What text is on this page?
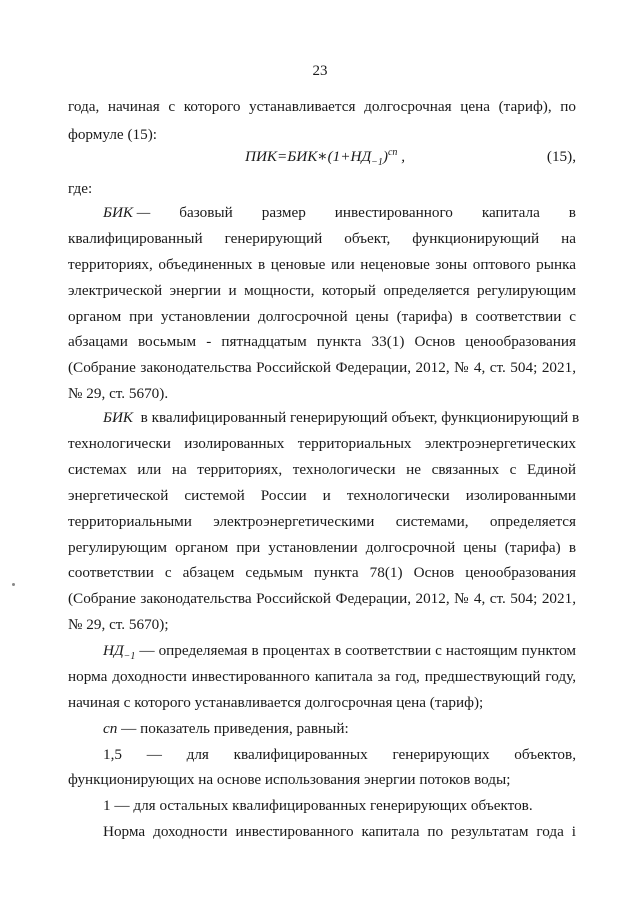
23
года, начиная с которого устанавливается долгосрочная цена (тариф), по
формуле (15):
$ПИК=БИК∗(1+НД_{-1})^{cn}$ ,	(15),
где:
БИК — базовый размер инвестированного капитала в
квалифицированный генерирующий объект, функционирующий на
территориях, объединенных в ценовые или неценовые зоны оптового рынка
электрической энергии и мощности, который определяется регулирующим
органом при установлении долгосрочной цены (тарифа) в соответствии с
абзацами восьмым - пятнадцатым пункта 33(1) Основ ценообразования
(Собрание законодательства Российской Федерации, 2012, № 4, ст. 504; 2021,
№ 29, ст. 5670).
БИК в квалифицированный генерирующий объект, функционирующий в
технологически изолированных территориальных электроэнергетических
системах или на территориях, технологически не связанных с Единой
энергетической системой России и технологически изолированными
территориальными электроэнергетическими системами, определяется
регулирующим органом при установлении долгосрочной цены (тарифа) в
соответствии с абзацем седьмым пункта 78(1) Основ ценообразования
(Собрание законодательства Российской Федерации, 2012, № 4, ст. 504; 2021,
№ 29, ст. 5670);
$НД_{-1}$ — определяемая в процентах в соответствии с настоящим пунктом
норма доходности инвестированного капитала за год, предшествующий году,
начиная с которого устанавливается долгосрочная цена (тариф);
cn — показатель приведения, равный:
1,5 — для квалифицированных генерирующих объектов,
функционирующих на основе использования энергии потоков воды;
1 — для остальных квалифицированных генерирующих объектов.
Норма доходности инвестированного капитала по результатам года i
